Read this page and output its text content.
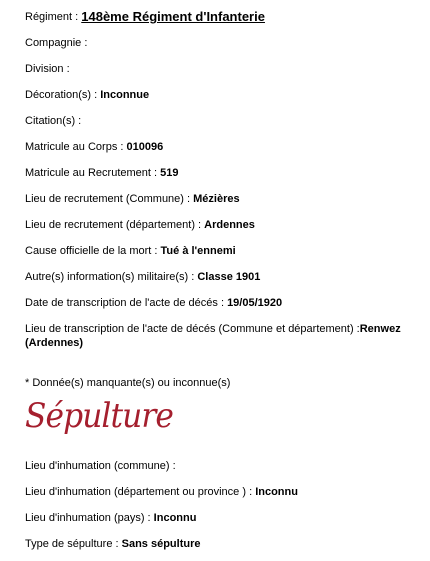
Régiment : 148ème Régiment d'Infanterie

Compagnie :

Division :

Décoration(s) : Inconnue

Citation(s) :

Matricule au Corps : 010096

Matricule au Recrutement : 519

Lieu de recrutement (Commune) : Mézières

Lieu de recrutement (département) : Ardennes

Cause officielle de la mort : Tué à l'ennemi

Autre(s) information(s) militaire(s) : Classe 1901

Date de transcription de l'acte de décés : 19/05/1920

Lieu de transcription de l'acte de décés (Commune et département) :Renwez (Ardennes)

* Donnée(s) manquante(s) ou inconnue(s)

Sépulture

Lieu d'inhumation (commune) :

Lieu d'inhumation (département ou province ) : Inconnu

Lieu d'inhumation (pays) : Inconnu

Type de sépulture : Sans sépulture
